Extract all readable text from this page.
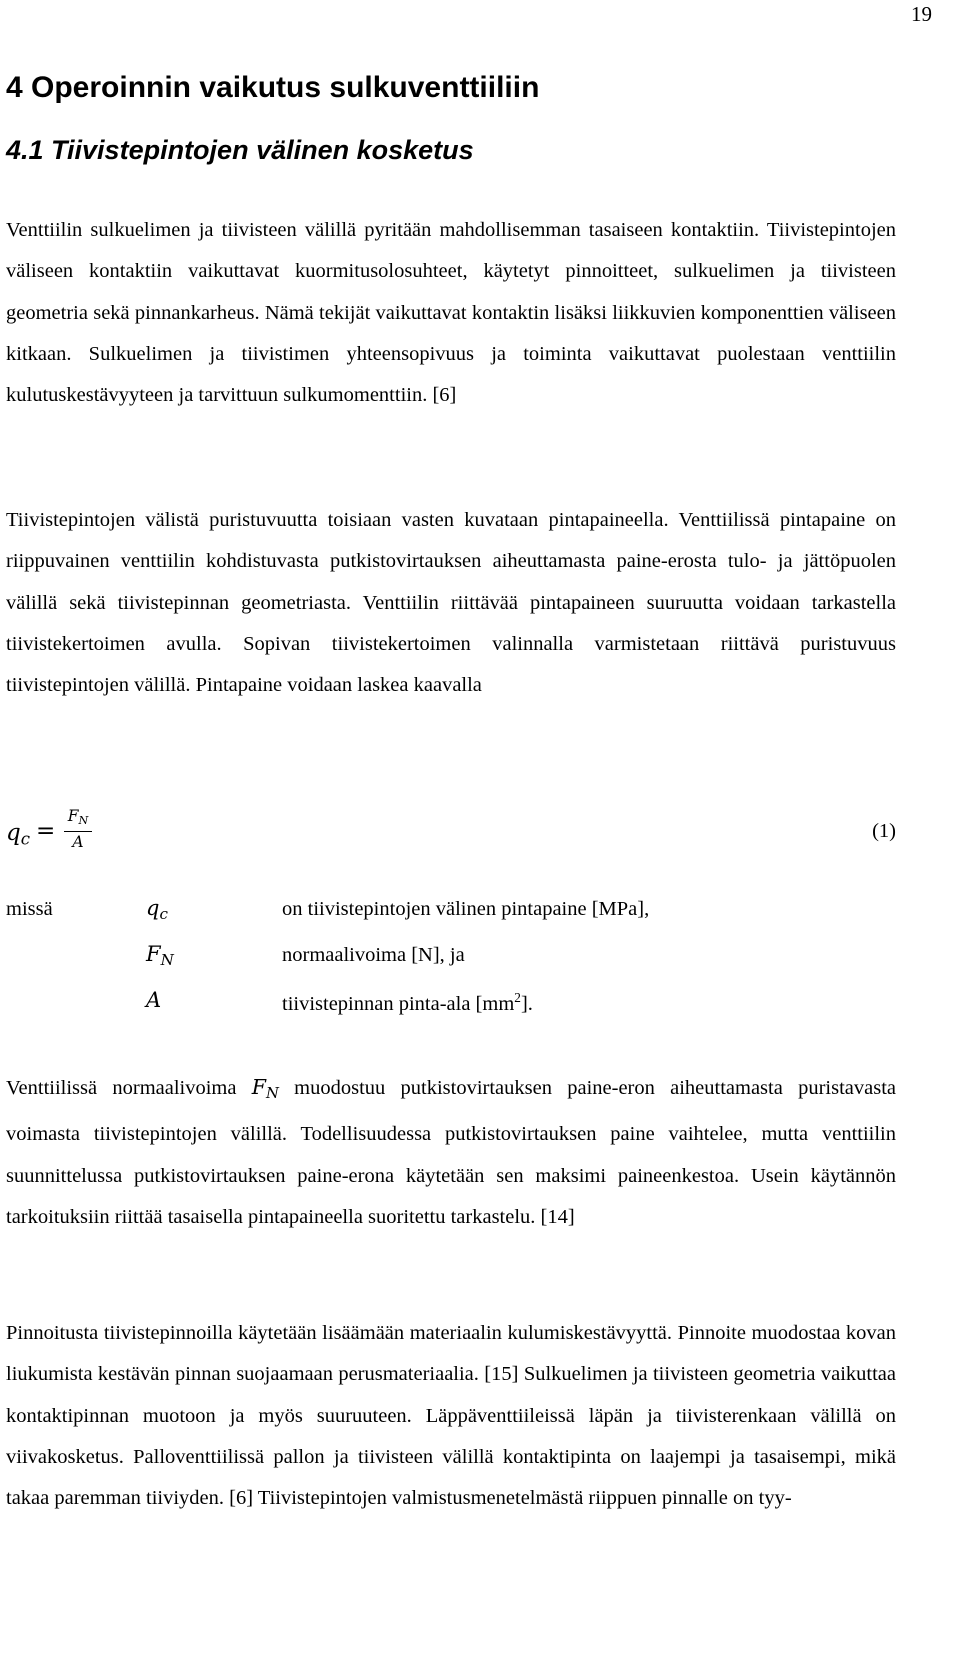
19
4 Operoinnin vaikutus sulkuventtiiliin
4.1 Tiivistepintojen välinen kosketus

Venttiilin sulkuelimen ja tiivisteen välillä pyritään mahdollisemman tasaiseen kontaktiin. Tiivistepintojen väliseen kontaktiin vaikuttavat kuormitusolosuhteet, käytetyt pinnoitteet, sulkuelimen ja tiivisteen geometria sekä pinnankarheus. Nämä tekijät vaikuttavat kontaktin lisäksi liikkuvien komponenttien väliseen kitkaan. Sulkuelimen ja tiivistimen yhteensopivuus ja toiminta vaikuttavat puolestaan venttiilin kulutuskestävyyteen ja tarvittuun sulkumomenttiin. [6]

Tiivistepintojen välistä puristuvuutta toisiaan vasten kuvataan pintapaineella. Venttiilissä pintapaine on riippuvainen venttiilin kohdistuvasta putkistovirtauksen aiheuttamasta paine-erosta tulo- ja jättöpuolen välillä sekä tiivistepinnan geometriasta. Venttiilin riittävää pintapaineen suuruutta voidaan tarkastella tiivistekertoimen avulla. Sopivan tiivistekertoimen valinnalla varmistetaan riittävä puristuvuus tiivistepintojen välillä. Pintapaine voidaan laskea kaavalla

$q_c$ =
$F_N$
A
(1)
missä	$q_c$	on tiivistepintojen välinen pintapaine [MPa],
$F_N$	normaalivoima [N], ja
A	tiivistepinnan pinta-ala $[mm^2]$.

Venttiilissä normaalivoima $F_N$ muodostuu putkistovirtauksen paine-eron aiheuttamasta puristavasta voimasta tiivistepintojen välillä. Todellisuudessa putkistovirtauksen paine vaihtelee, mutta venttiilin suunnittelussa putkistovirtauksen paine-erona käytetään sen maksimi paineenkestoa. Usein käytännön tarkoituksiin riittää tasaisella pintapaineella suoritettu tarkastelu. [14]

Pinnoitusta tiivistepinnoilla käytetään lisäämään materiaalin kulumiskestävyyttä. Pinnoite muodostaa kovan liukumista kestävän pinnan suojaamaan perusmateriaalia. [15] Sulkuelimen ja tiivisteen geometria vaikuttaa kontaktipinnan muotoon ja myös suuruuteen. Läppäventtiileissä läpän ja tiivisterenkaan välillä on viivakosketus. Palloventtiilissä pallon ja tiivisteen välillä kontaktipinta on laajempi ja tasaisempi, mikä takaa paremman tiiviyden. [6] Tiivistepintojen valmistusmenetelmästä riippuen pinnalle on tyy-
